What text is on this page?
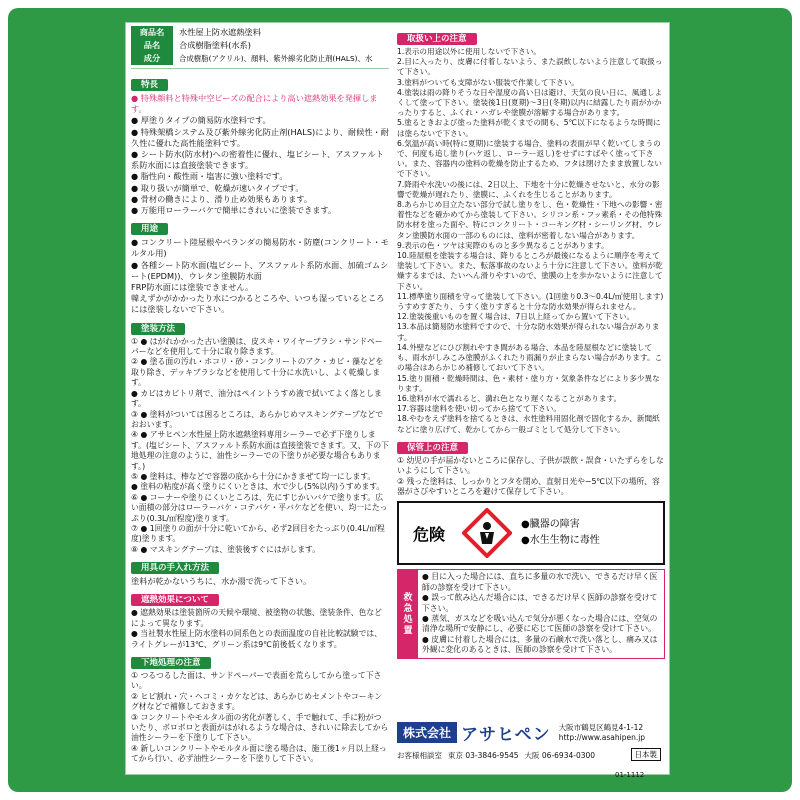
商品名	水性屋上防水遮熱塗料
品名	合成樹脂塗料(水系)
成分	合成樹脂(アクリル)、顔料、紫外線劣化防止剤(HALS)、水
特長

● 特殊顔料と特殊中空ビーズの配合により高い遮熱効果を発揮します。
● 厚塗りタイプの簡易防水塗料です。
● 特殊架橋システム及び紫外線劣化防止剤(HALS)により、耐候性・耐久性に優れた高性能塗料です。
● シート防水(防水材)への密着性に優れ、塩ビシート、アスファルト系防水面には直接塗装できます。
● 脂性向・酸性雨・塩害に強い塗料です。
● 取り扱いが簡単で、乾燥が速いタイプです。
● 骨材の働きにより、滑り止め効果もあります。
● 万能用ローラーバケで簡単にきれいに塗装できます。

用途

● コンクリート陸屋根やベランダの簡易防水・防塵(コンクリート・モルタル用)
● 各種シート防水面(塩ビシート、アスファルト系防水面、加硫ゴムシート(EPDM))、ウレタン塗膜防水面
FRP防水面には塗装できません。
韓えずかがかかったり水につかるところや、いつも湿っているところには塗装しないで下さい。

塗装方法

① ● はがれかかった古い塗膜は、皮スキ・ワイヤーブラシ・サンドペーパーなどを使用して十分に取り除きます。
② ● 塗る面の汚れ・ホコリ・砂・コンクリートのアク・カビ・藻などを取り除き、デッキブラシなどを使用して十分に水洗いし、よく乾燥します。
● カビはカビトリ剤で、油分はペイントうすめ液で拭いてよく落とします。
③ ● 塗料がついては困るところは、あらかじめマスキングテープなどでおおいます。
④ ● アサヒペン水性屋上防水遮熱塗料専用シーラーで必ず下塗りします。(塩ビシート、アスファルト系防水面は直接塗装できます。又、下の下地処理の注意のように、油性シーラーでの下塗りが必要な場合もあります。)
⑤ ● 塗料は、棒などで容器の底から十分にかきまぜて均一にします。
● 塗料の粘度が高く塗りにくいときは、水で少し(5%以内)うすめます。
⑥ ● コーナーや塗りにくいところは、先にすじかいバケで塗ります。広い面積の部分はローラーバケ・コテバケ・平バケなどを使い、均一にたっぷり(0.3L/㎡程度)塗ります。
⑦ ● 1回塗りの面が十分に乾いてから、必ず2回目をたっぷり(0.4L/㎡程度)塗ります。
⑧ ● マスキングテープは、塗装後すぐにはがします。

用具の手入れ方法

塗料が乾かないうちに、水か湯で洗って下さい。

遮熱効果について

● 遮熱効果は塗装箇所の天候や環境、被塗物の状態、塗装条件、色などによって異なります。
● 当社製水性屋上防水塗料の同系色との表面温度の自社比較試験では、ライトグレーが13℃、グリーン系は9℃前後低くなります。

下地処理の注意

① つるつるした面は、サンドペーパーで表面を荒らしてから塗って下さい。
② ヒビ割れ・穴・ヘコミ・カケなどは、あらかじめセメントやコーキング材などで補修しておきます。
③ コンクリートやモルタル面の劣化が著しく、手で触れて、手に粉がついたり、ボロボロと表面がはがれるような場合は、きれいに除去してから油性シーラーを下塗りして下さい。
④ 新しいコンクリートやモルタル面に塗る場合は、施工後1ヶ月以上経ってから行い、必ず油性シーラーを下塗りして下さい。

取扱い上の注意

1.表示の用途以外に使用しないで下さい。
2.目に入ったり、皮膚に付着しないよう、また誤飲しないよう注意して取扱って下さい。
3.塗料がついても支障がない服装で作業して下さい。
4.塗装は雨の降りそうな日や湿度の高い日は避け、天気の良い日に、風通しよくして塗って下さい。塗装後1日(夏期)〜3日(冬期)以内に結露したり雨がかかったりすると、ふくれ・ハガレや塗膜が溶解する場合があります。
5.塗るときおよび塗った塗料が乾くまでの間も、5℃以下になるような時間には塗らないで下さい。
6.気温が高い時(特に夏期)に塗装する場合、塗料の表面が早く乾いてしまうので、何度も追し塗り(ハケ返し、ローラー返し)をせずにすばやく塗って下さい。また、容器内の塗料の乾燥を防止するため、フタは閉けたまま放置しないで下さい。
7.降雨や水洗いの後には、2日以上、下地を十分に乾燥させないと、水分の影響で乾燥が遅れたり、塗膜に、ふくれを生じることがあります。
8.あらかじめ目立たない部分で試し塗りをし、色・乾燥性・下地への影響・密着性などを確かめてから塗装して下さい。シリコン系・フッ素系・その他特殊防水材を塗った面や、特にコンクリート・コーキング材・シーリング材、ウレタン塗膜防水面の一部のものには、塗料が密着しない場合があります。
9.表示の色・ツヤは実際のものと多少異なることがあります。
10.陸屋根を塗装する場合は、降りるところが最後になるように順序を考えて塗装して下さい。また、転落事故のないよう十分に注意して下さい。塗料が乾燥するまでは、たいへん滑りやすいので、塗膜の上を歩かないように注意して下さい。
11.標準塗り面積を守って塗装して下さい。(1回塗り0.3〜0.4L/㎡使用します)うすめすぎたり、うすく塗りすぎると十分な防水効果が得られません。
12.塗装後重いものを置く場合は、7日以上経ってから置いて下さい。
13.本品は簡易防水塗料ですので、十分な防水効果が得られない場合があります。
14.外壁などにひび割れやすき間がある場合、本品を陸屋根などに塗装しても、雨水がしみこみ塗膜がふくれたり雨漏りが止まらない場合があります。この場合はあらかじめ補修しておいて下さい。
15.塗り面積・乾燥時間は、色・素材・塗り方・気象条件などにより多少異なります。
16.塗料が水で濡れると、溝れ色となり遅くなることがあります。
17.容器は塗料を使い切ってから捨てて下さい。
18.やむをえず塗料を捨てるときは、水性塗料用固化剤で固化するか、新聞紙などに塗り広げて、乾かしてから一般ゴミとして処分して下さい。

保管上の注意

① 幼児の手が届かないところに保存し、子供が誤飲・誤食・いたずらをしないようにして下さい。
② 残った塗料は、しっかりとフタを閉め、直射日光や−5℃以下の場所、容器がさびやすいところを避けて保存して下さい。

危険	●臓器の障害
●水生生物に毒性
救急処置

● 目に入った場合には、直ちに多量の水で洗い、できるだけ早く医師の診察を受けて下さい。
● 誤って飲み込んだ場合には、できるだけ早く医師の診察を受けて下さい。
● 蒸気、ガスなどを吸い込んで気分が悪くなった場合には、空気の清浄な場所で安静にし、必要に応じて医師の診察を受けて下さい。
● 皮膚に付着した場合には、多量の石鹸水で洗い落とし、痛み又は外観に変化のあるときは、医師の診察を受けて下さい。

株式会社 アサヒペン 大阪市鶴見区鶴見4-1-12
http://www.asahipen.jp
お客様相談室 東京 03-3846-9545 大阪 06-6934-0300	日本製
01-1112
